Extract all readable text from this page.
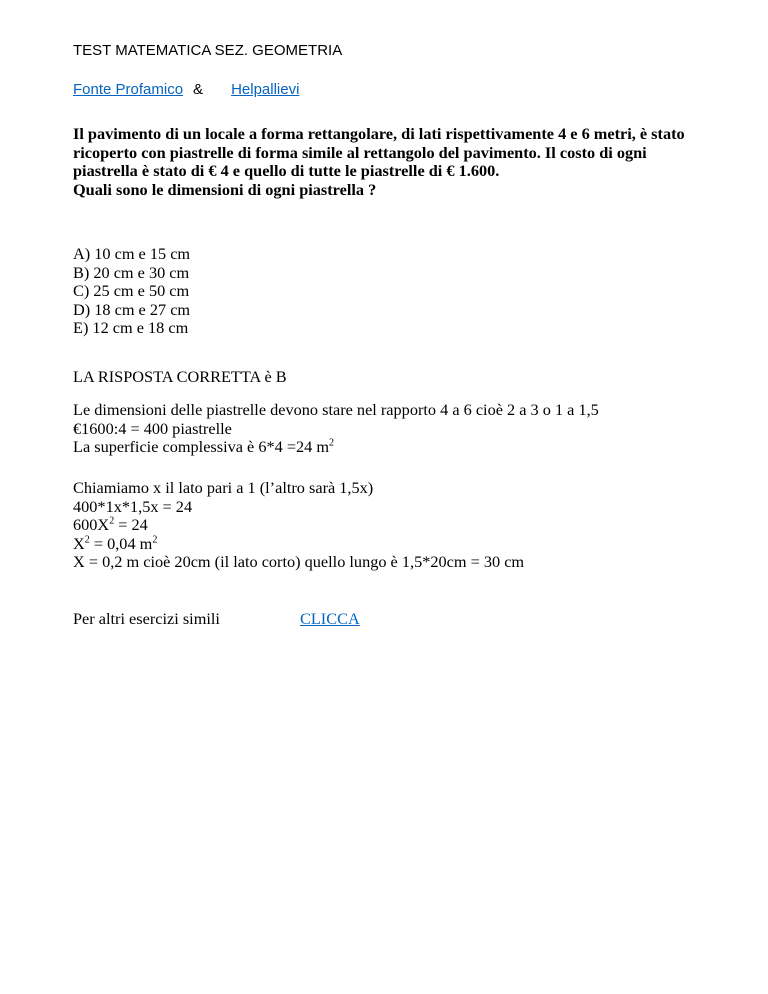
TEST MATEMATICA SEZ. GEOMETRIA
Fonte Profamico & Helpallievi
Il pavimento di un locale a forma rettangolare, di lati rispettivamente 4 e 6 metri, è stato ricoperto con piastrelle di forma simile al rettangolo del pavimento. Il costo di ogni piastrella è stato di € 4 e quello di tutte le piastrelle di € 1.600.
Quali sono le dimensioni di ogni piastrella ?
A) 10 cm e 15 cm
B) 20 cm e 30 cm
C) 25 cm e 50 cm
D) 18 cm e 27 cm
E) 12 cm e 18 cm
LA RISPOSTA CORRETTA è B
Le dimensioni delle piastrelle devono stare nel rapporto 4 a 6 cioè 2 a 3 o 1 a 1,5
€1600:4 = 400 piastrelle
La superficie complessiva è 6*4 =24 $m^2$
Chiamiamo x il lato pari a 1 (l’altro sarà 1,5x)
400*1x*1,5x = 24
$600X^2 = 24$
$X^2 = 0,04$ $m^2$
X = 0,2 m cioè 20cm (il lato corto) quello lungo è 1,5*20cm = 30 cm
Per altri esercizi simili	CLICCA
